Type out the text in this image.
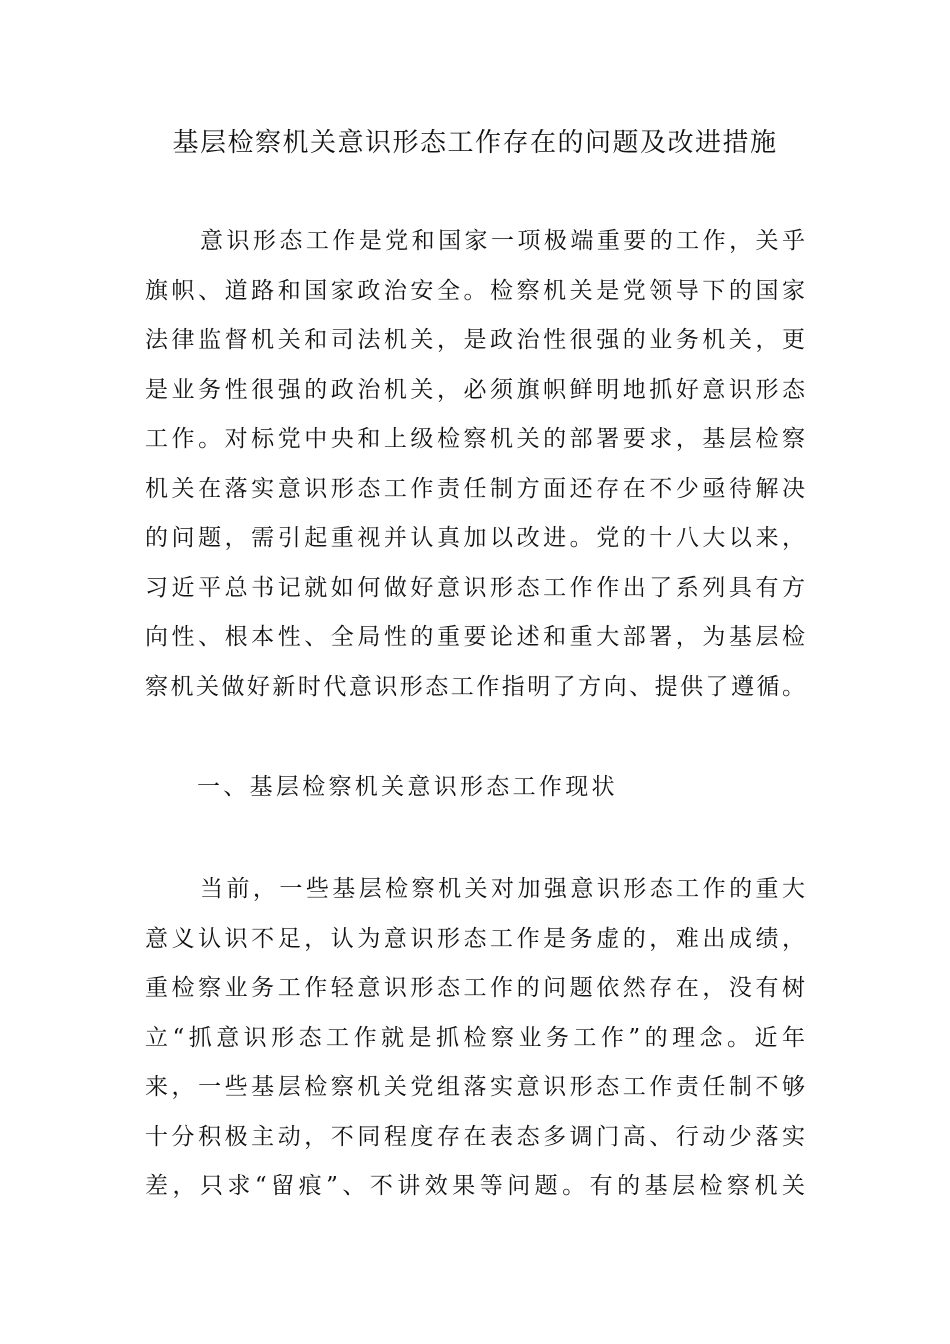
基层检察机关意识形态工作存在的问题及改进措施
意识形态工作是党和国家一项极端重要的工作，关乎
旗帜、道路和国家政治安全。检察机关是党领导下的国家
法律监督机关和司法机关，是政治性很强的业务机关，更
是业务性很强的政治机关，必须旗帜鲜明地抓好意识形态
工作。对标党中央和上级检察机关的部署要求，基层检察
机关在落实意识形态工作责任制方面还存在不少亟待解决
的问题，需引起重视并认真加以改进。党的十八大以来，
习近平总书记就如何做好意识形态工作作出了系列具有方
向性、根本性、全局性的重要论述和重大部署，为基层检
察机关做好新时代意识形态工作指明了方向、提供了遵循。
一、基层检察机关意识形态工作现状
当前，一些基层检察机关对加强意识形态工作的重大
意义认识不足，认为意识形态工作是务虚的，难出成绩，
重检察业务工作轻意识形态工作的问题依然存在，没有树
立“抓意识形态工作就是抓检察业务工作”的理念。近年
来，一些基层检察机关党组落实意识形态工作责任制不够
十分积极主动，不同程度存在表态多调门高、行动少落实
差，只求“留痕”、不讲效果等问题。有的基层检察机关
